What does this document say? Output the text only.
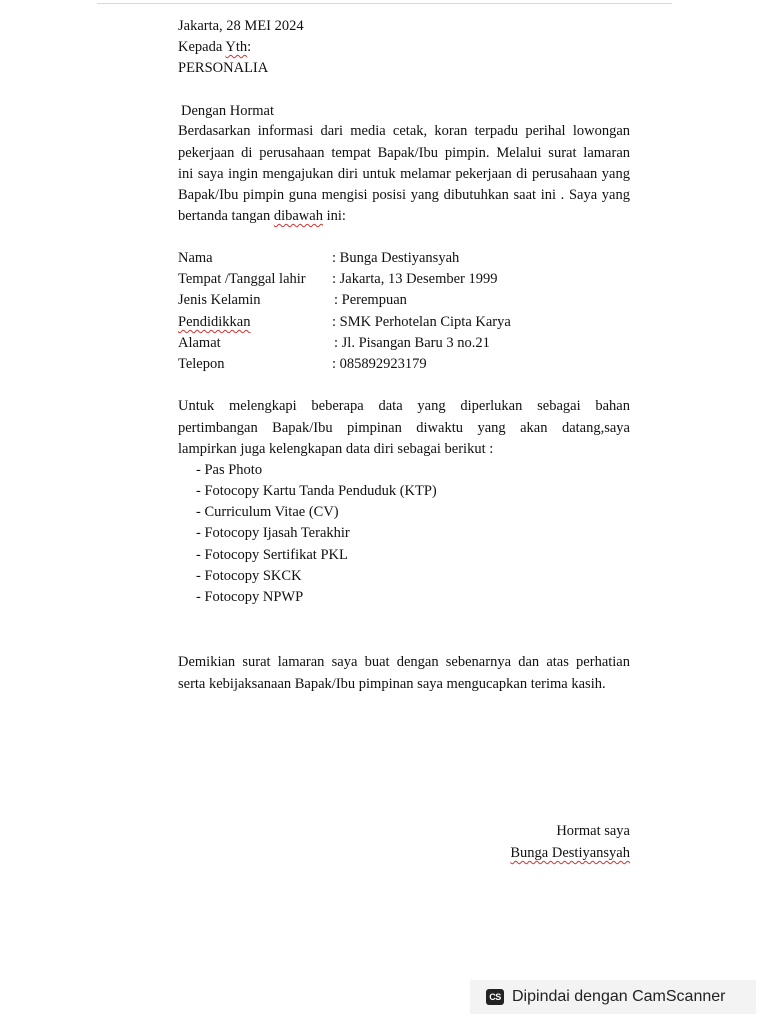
Jakarta, 28 MEI 2024
Kepada Yth:
PERSONALIA
Dengan Hormat
Berdasarkan informasi dari media cetak, koran terpadu perihal lowongan
pekerjaan di perusahaan tempat Bapak/Ibu pimpin. Melalui surat lamaran
ini saya ingin mengajukan diri untuk melamar pekerjaan di perusahaan yang
Bapak/Ibu pimpin guna mengisi posisi yang dibutuhkan saat ini . Saya yang
bertanda tangan dibawah ini:
Nama	: Bunga Destiyansyah
Tempat /Tanggal lahir : Jakarta, 13 Desember 1999
Jenis Kelamin	: Perempuan
Pendidikkan	: SMK Perhotelan Cipta Karya
Alamat	: Jl. Pisangan Baru 3 no.21
Telepon	: 085892923179
Untuk melengkapi beberapa data yang diperlukan sebagai bahan
pertimbangan Bapak/Ibu pimpinan diwaktu yang akan datang,saya
lampirkan juga kelengkapan data diri sebagai berikut :
- Pas Photo
- Fotocopy Kartu Tanda Penduduk (KTP)
- Curriculum Vitae (CV)
- Fotocopy Ijasah Terakhir
- Fotocopy Sertifikat PKL
- Fotocopy SKCK
- Fotocopy NPWP
Demikian surat lamaran saya buat dengan sebenarnya dan atas perhatian
serta kebijaksanaan Bapak/Ibu pimpinan saya mengucapkan terima kasih.
Hormat saya
Bunga Destiyansyah
CS Dipindai dengan CamScanner
